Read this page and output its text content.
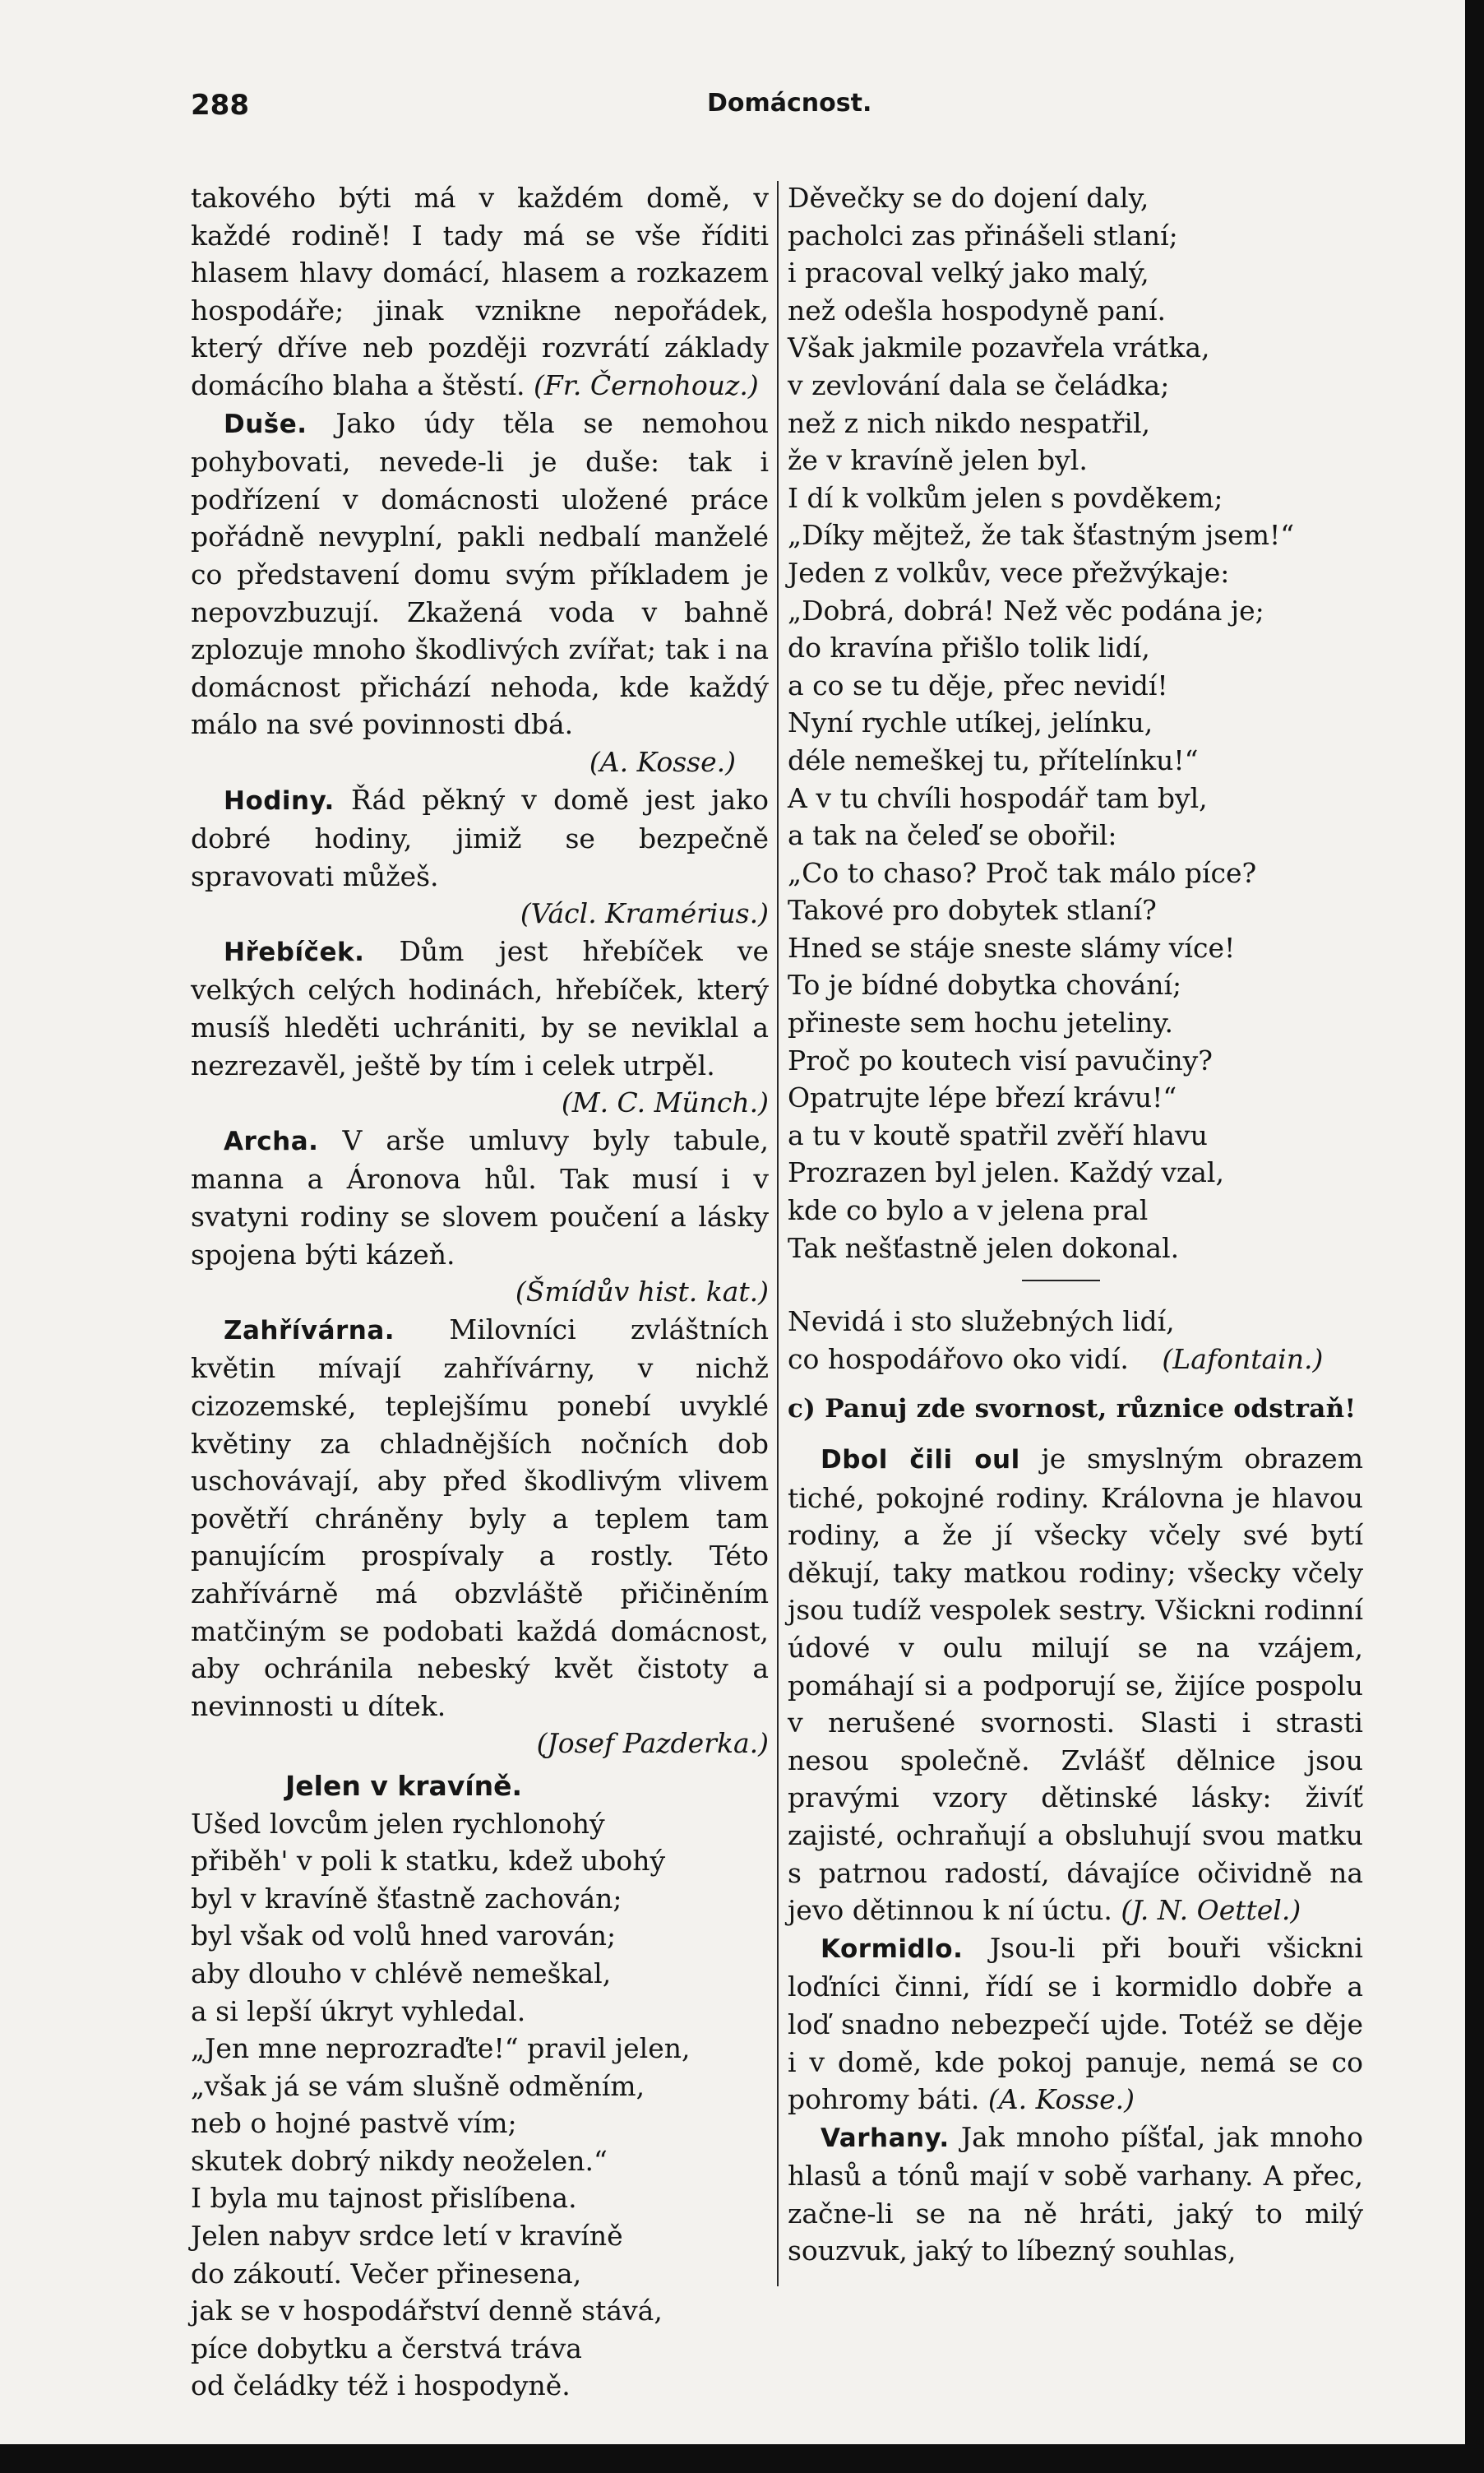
288	Domácnost.

takového býti má v každém domě, v každé rodině! I tady má se vše říditi hlasem hlavy domácí, hlasem a rozkazem hospodáře; jinak vznikne nepořádek, který dříve neb později rozvrátí základy domácího blaha a štěstí. (Fr. Černohouz.)

Duše. Jako údy těla se nemohou pohybovati, nevede-li je duše: tak i podřízení v domácnosti uložené práce pořádně nevyplní, pakli nedbalí manželé co představení domu svým příkladem je nepovzbuzují. Zkažená voda v bahně zplozuje mnoho škodlivých zvířat; tak i na domácnost přichází nehoda, kde každý málo na své povinnosti dbá.

(A. Kosse.)

Hodiny. Řád pěkný v domě jest jako dobré hodiny, jimiž se bezpečně spravovati můžeš.

(Václ. Kramérius.)

Hřebíček. Dům jest hřebíček ve velkých celých hodinách, hřebíček, který musíš hleděti uchrániti, by se neviklal a nezrezavěl, ještě by tím i celek utrpěl.

(M. C. Münch.)

Archa. V arše umluvy byly tabule, manna a Áronova hůl. Tak musí i v svatyni rodiny se slovem poučení a lásky spojena býti kázeň.

(Šmídův hist. kat.)

Zahřívárna. Milovníci zvláštních květin mívají zahřívárny, v nichž cizozemské, teplejšímu ponebí uvyklé květiny za chladnějších nočních dob uschovávají, aby před škodlivým vlivem povětří chráněny byly a teplem tam panujícím prospívaly a rostly. Této zahřívárně má obzvláště přičiněním matčiným se podobati každá domácnost, aby ochránila nebeský květ čistoty a nevinnosti u dítek.

(Josef Pazderka.)

Jelen v kravíně.

Ušed lovcům jelen rychlonohý

přiběh' v poli k statku, kdež ubohý

byl v kravíně šťastně zachován;

byl však od volů hned varován;

aby dlouho v chlévě nemeškal,

a si lepší úkryt vyhledal.

„Jen mne neprozraďte!“ pravil jelen,

„však já se vám slušně odměním,

neb o hojné pastvě vím;

skutek dobrý nikdy neoželen.“

I byla mu tajnost přislíbena.

Jelen nabyv srdce letí v kravíně

do zákoutí. Večer přinesena,

jak se v hospodářství denně stává,

píce dobytku a čerstvá tráva

od čeládky též i hospodyně.

Děvečky se do dojení daly,

pacholci zas přinášeli stlaní;

i pracoval velký jako malý,

než odešla hospodyně paní.

Však jakmile pozavřela vrátka,

v zevlování dala se čeládka;

než z nich nikdo nespatřil,

že v kravíně jelen byl.

I dí k volkům jelen s povděkem;

„Díky mějtež, že tak šťastným jsem!“

Jeden z volkův, vece přežvýkaje:

„Dobrá, dobrá! Než věc podána je;

do kravína přišlo tolik lidí,

a co se tu děje, přec nevidí!

Nyní rychle utíkej, jelínku,

déle nemeškej tu, přítelínku!“

A v tu chvíli hospodář tam byl,

a tak na čeleď se obořil:

„Co to chaso? Proč tak málo píce?

Takové pro dobytek stlaní?

Hned se stáje sneste slámy více!

To je bídné dobytka chování;

přineste sem hochu jeteliny.

Proč po koutech visí pavučiny?

Opatrujte lépe březí krávu!“

a tu v koutě spatřil zvěří hlavu

Prozrazen byl jelen. Každý vzal,

kde co bylo a v jelena pral

Tak nešťastně jelen dokonal.

Nevidá i sto služebných lidí,

co hospodářovo oko vidí. (Lafontain.)

c) Panuj zde svornost, různice odstraň!

Dbol čili oul je smyslným obrazem tiché, pokojné rodiny. Královna je hlavou rodiny, a že jí všecky včely své bytí děkují, taky matkou rodiny; všecky včely jsou tudíž vespolek sestry. Všickni rodinní údové v oulu milují se na vzájem, pomáhají si a podporují se, žijíce pospolu v nerušené svornosti. Slasti i strasti nesou společně. Zvlášť dělnice jsou pravými vzory dětinské lásky: živíť zajisté, ochraňují a obsluhují svou matku s patrnou radostí, dávajíce očividně na jevo dětinnou k ní úctu. (J. N. Oettel.)

Kormidlo. Jsou-li při bouři všickni loďníci činni, řídí se i kormidlo dobře a loď snadno nebezpečí ujde. Totéž se děje i v domě, kde pokoj panuje, nemá se co pohromy báti. (A. Kosse.)

Varhany. Jak mnoho píšťal, jak mnoho hlasů a tónů mají v sobě varhany. A přec, začne-li se na ně hráti, jaký to milý souzvuk, jaký to líbezný souhlas,
